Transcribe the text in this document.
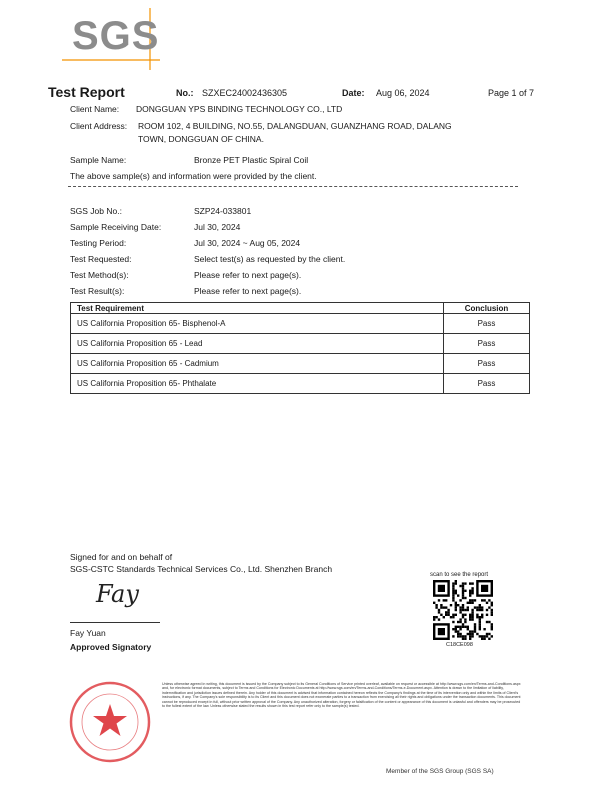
SGS
Test Report	No.: SZXEC24002436305	Date: Aug 06, 2024	Page 1 of 7
Client Name: DONGGUAN YPS BINDING TECHNOLOGY CO., LTD
Client Address: ROOM 102, 4 BUILDING, NO.55, DALANGDUAN, GUANZHANG ROAD, DALANG
TOWN, DONGGUAN OF CHINA.
Sample Name:	Bronze PET Plastic Spiral Coil
The above sample(s) and information were provided by the client.
SGS Job No.:	SZP24-033801
Sample Receiving Date:	Jul 30, 2024
Testing Period:	Jul 30, 2024 ~ Aug 05, 2024
Test Requested:	Select test(s) as requested by the client.
Test Method(s):	Please refer to next page(s).
Test Result(s):	Please refer to next page(s).
Test Requirement	Conclusion
US California Proposition 65- Bisphenol-A	Pass
US California Proposition 65 - Lead	Pass
US California Proposition 65 - Cadmium	Pass
US California Proposition 65- Phthalate	Pass
Signed for and on behalf of
SGS-CSTC Standards Technical Services Co., Ltd. Shenzhen Branch
Fay
Fay Yuan
Approved Signatory
scan to see the report
C18CE098
Unless otherwise agreed in writing, this document is issued by the Company subject to its General Conditions of Service printed overleaf, available on request or accessible at http://www.sgs.com/en/Terms-and-Conditions.aspx and, for electronic format documents, subject to Terms and Conditions for Electronic Documents at http://www.sgs.com/en/Terms-and-Conditions/Terms-e-Document.aspx. Attention is drawn to the limitation of liability, indemnification and jurisdiction issues defined therein. Any holder of this document is advised that information contained hereon reflects the Company's findings at the time of its intervention only and within the limits of Client's instructions, if any. The Company's sole responsibility is to its Client and this document does not exonerate parties to a transaction from exercising all their rights and obligations under the transaction documents. This document cannot be reproduced except in full, without prior written approval of the Company. Any unauthorized alteration, forgery or falsification of the content or appearance of this document is unlawful and offenders may be prosecuted to the fullest extent of the law. Unless otherwise stated the results shown in this test report refer only to the sample(s) tested.
Member of the SGS Group (SGS SA)
